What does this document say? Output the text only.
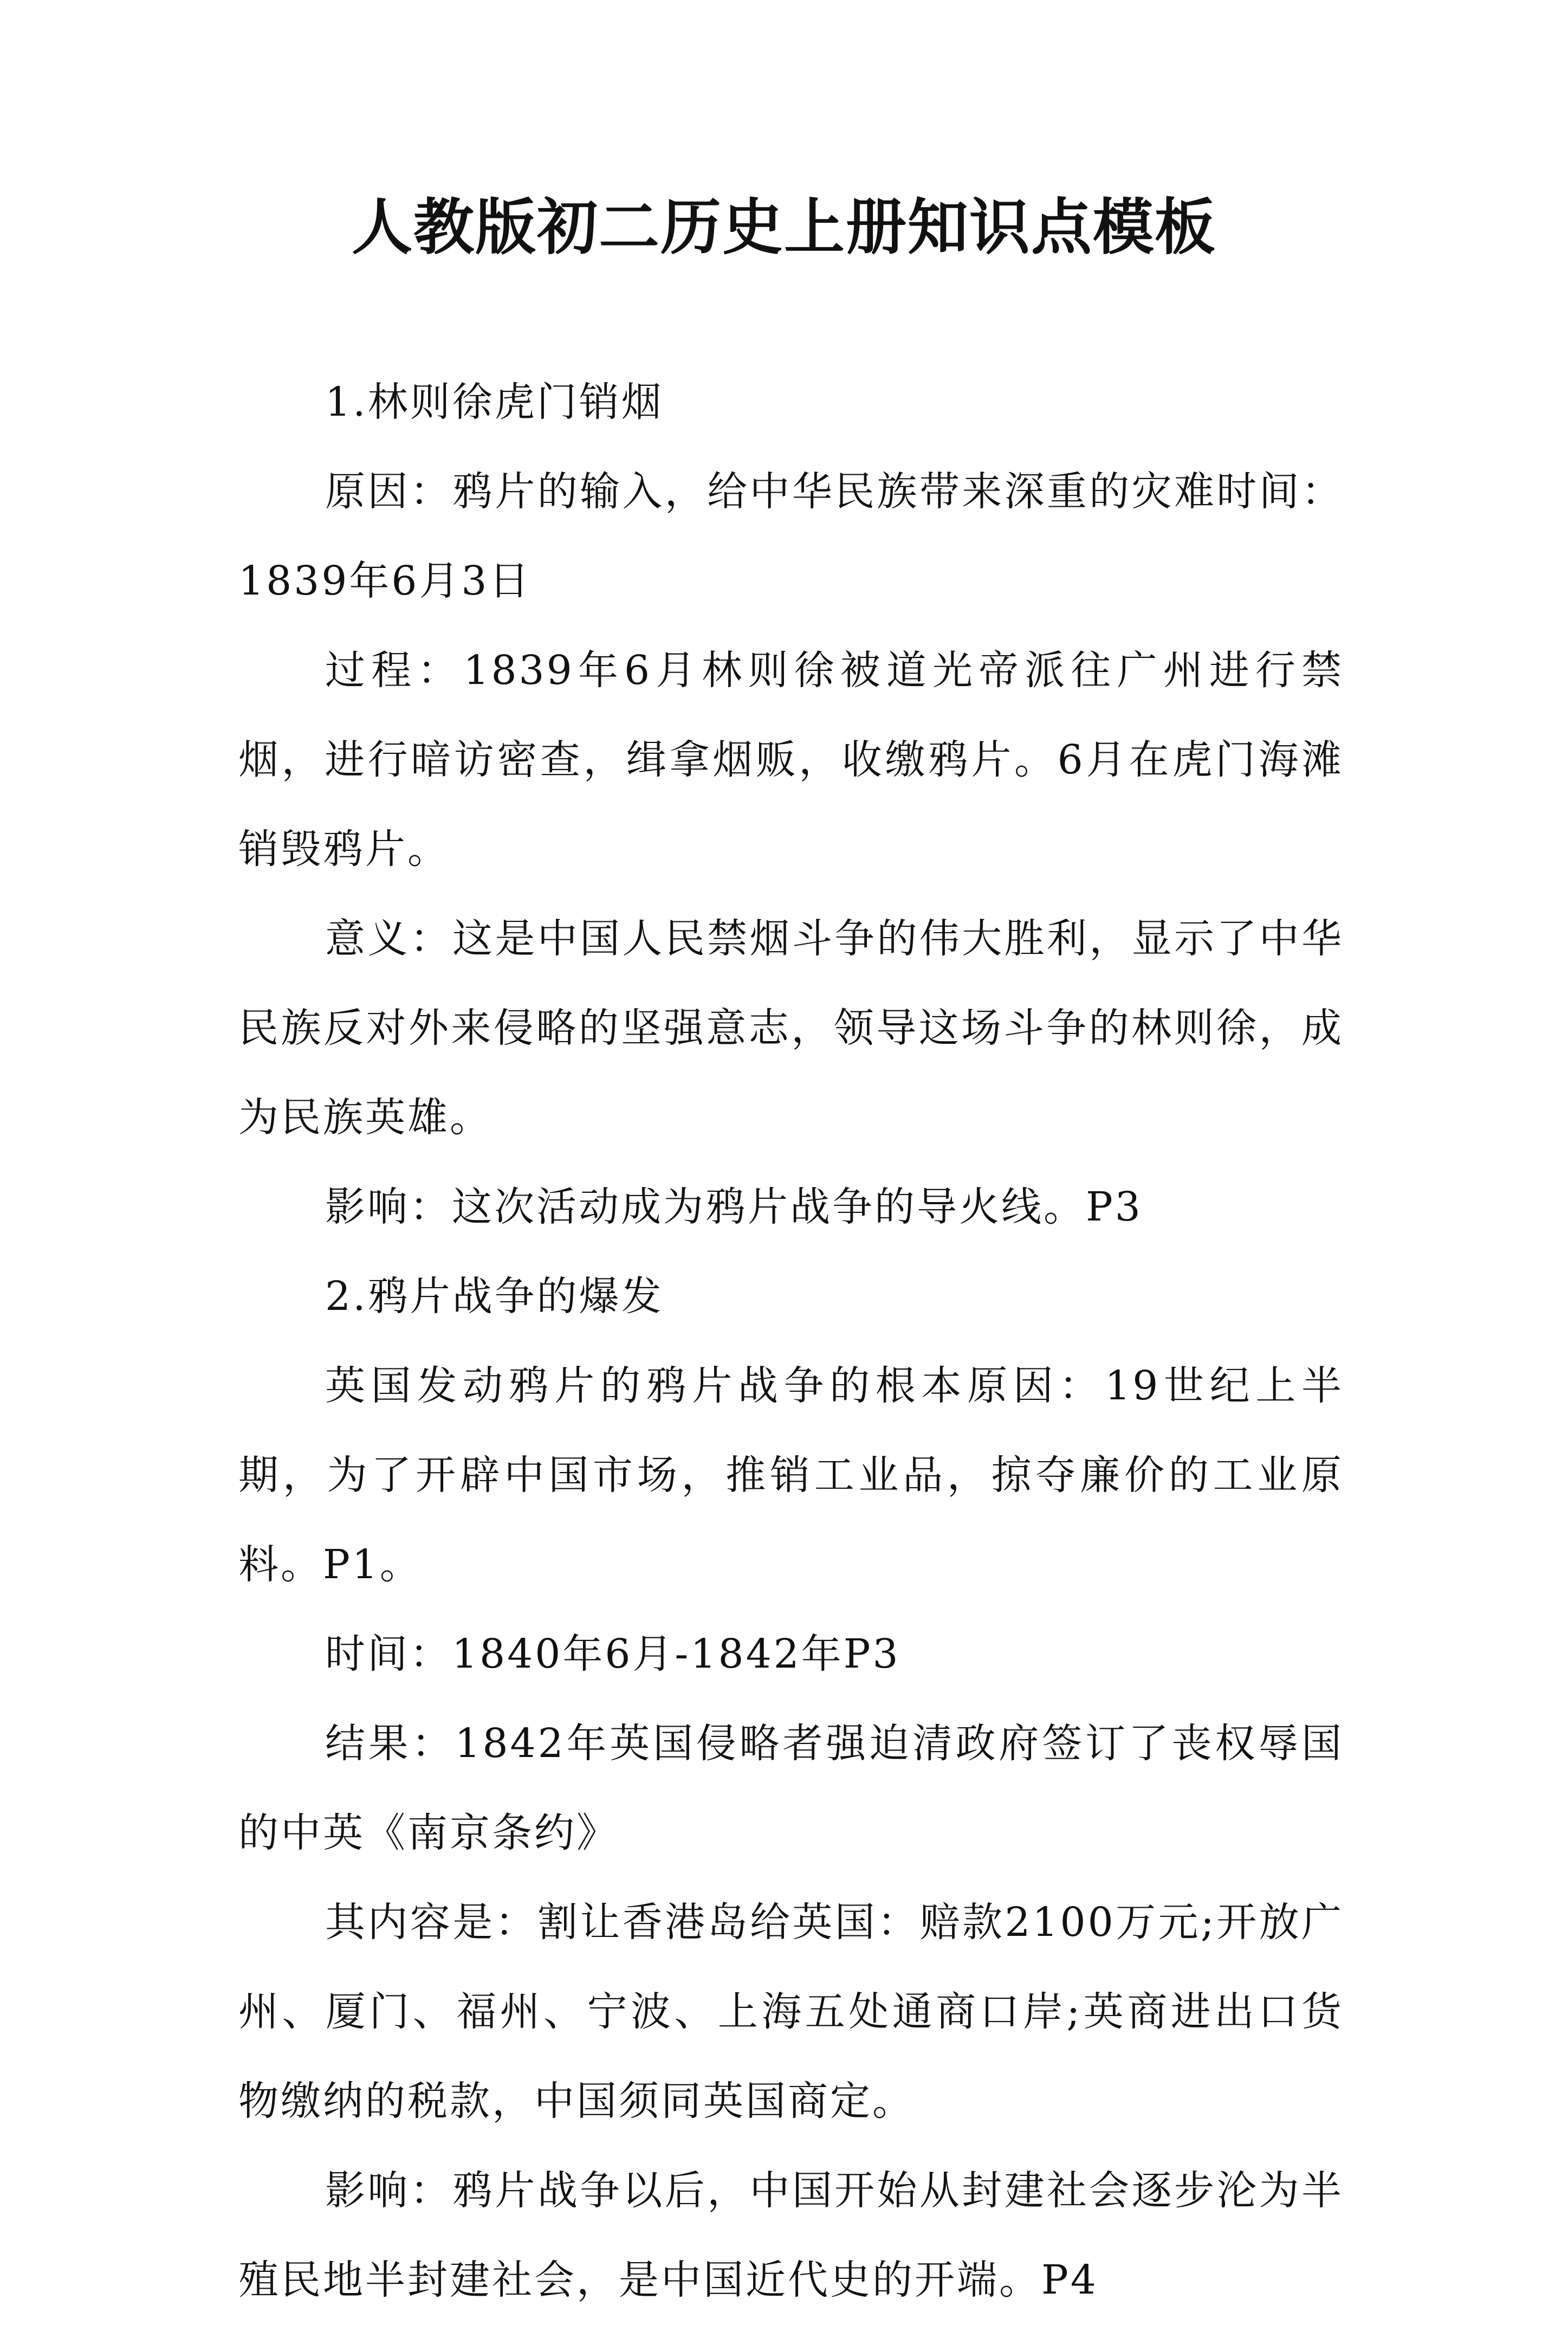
人教版初二历史上册知识点模板

1.林则徐虎门销烟

原因：鸦片的输入，给中华民族带来深重的灾难时间：1839年6月3日

过程：1839年6月林则徐被道光帝派往广州进行禁烟，进行暗访密查，缉拿烟贩，收缴鸦片。6月在虎门海滩销毁鸦片。

意义：这是中国人民禁烟斗争的伟大胜利，显示了中华民族反对外来侵略的坚强意志，领导这场斗争的林则徐，成为民族英雄。

影响：这次活动成为鸦片战争的导火线。P3

2.鸦片战争的爆发

英国发动鸦片的鸦片战争的根本原因：19世纪上半期，为了开辟中国市场，推销工业品，掠夺廉价的工业原料。P1。

时间：1840年6月-1842年P3

结果：1842年英国侵略者强迫清政府签订了丧权辱国的中英《南京条约》

其内容是：割让香港岛给英国：赔款2100万元;开放广州、厦门、福州、宁波、上海五处通商口岸;英商进出口货物缴纳的税款，中国须同英国商定。

影响：鸦片战争以后，中国开始从封建社会逐步沦为半殖民地半封建社会，是中国近代史的开端。P4
